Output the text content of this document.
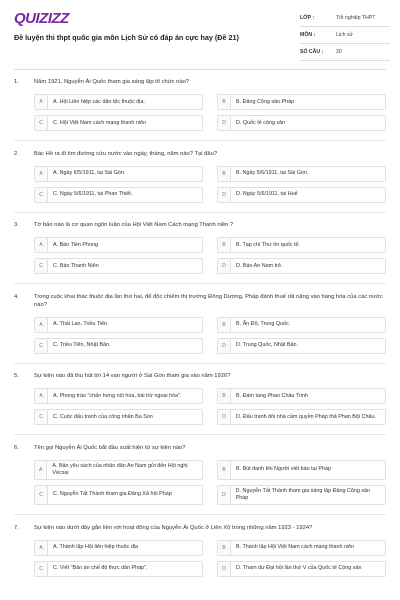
QUIZIZZ
Đề luyện thi thpt quốc gia môn Lịch Sử có đáp án cực hay (Đề 21)
LỚP :	Tốt nghiệp THPT
MÔN :	Lịch sử
SỐ CÂU :	30
1.	Năm 1921, Nguyễn Ái Quốc tham gia sáng lập tổ chức nào?
A	A. Hội Liên hiệp các dân tộc thuộc địa.	B	B. Đảng Cộng sản Pháp
C	C. Hội Việt Nam cách mạng thanh niên	D	D. Quốc tế cộng sản
2.	Bác Hồ ra đi tìm đường cứu nước vào ngày, tháng, năm nào? Tại đâu?
A	A. Ngày 6/5/1911, tại Sài Gòn.	B	B. Ngày 5/6/1911, tại Sài Gòn.
C	C. Ngày 5/6/1911, tại Phan Thiết.	D	D. Ngày 5/6/1911, tại Huế
3.	Tờ báo nào là cơ quan ngôn luận của Hội Việt Nam Cách mạng Thanh niên ?
A	A. Báo Tiền Phong	B	B. Tạp chí Thư tín quốc tế.
C	C. Báo Thanh Niên	D	D. Báo An Nam trẻ.
4.	Trong cuộc khai thác thuộc địa lần thứ hai, để độc chiếm thị trường Đông Dương, Pháp đánh thuế rất nặng vào hàng hóa của các nước nào?
A	A. Thái Lan, Triều Tiên	B	B. Ấn Độ, Trung Quốc.
C	C. Triều Tiên, Nhật Bản.	D	D. Trung Quốc, Nhật Bản.
5.	Sự kiện nào đã thu hút tới 14 vạn người ở Sài Gòn tham gia vào năm 1926?
A	A. Phong trào "chấn hưng nội hóa, bài trừ ngoại hóa".	B	B. Đám tang Phan Châu Trinh
C	C. Cuộc đấu tranh của công nhân Ba Son	D	D. Đấu tranh đòi nhà cầm quyền Pháp thả Phan Bội Châu.
6.	Tên gọi Nguyễn Ái Quốc bắt đầu xuất hiện từ sự kiện nào?
A
A. Bản yêu sách của nhân dân An Nam gửi đến Hội nghị Vécxai	B	B. Bút danh khi Người viết báo tại Pháp
C	C. Nguyễn Tất Thành tham gia Đảng Xã hội Pháp	D
D. Nguyễn Tất Thành tham gia sáng lập Đảng Cộng sản Pháp
7.	Sự kiện nào dưới đây gắn liền với hoạt động của Nguyễn Ái Quốc ở Liên Xô trong những năm 1923 - 1924?
A	A. Thành lập Hội liên hiệp thuộc địa	B	B. Thành lập Hội Việt Nam cách mạng thanh niên
C	C. Viết "Bản án chế độ thực dân Pháp".	D	D. Tham dự Đại hội lần thứ V của Quốc tế Cộng sản
